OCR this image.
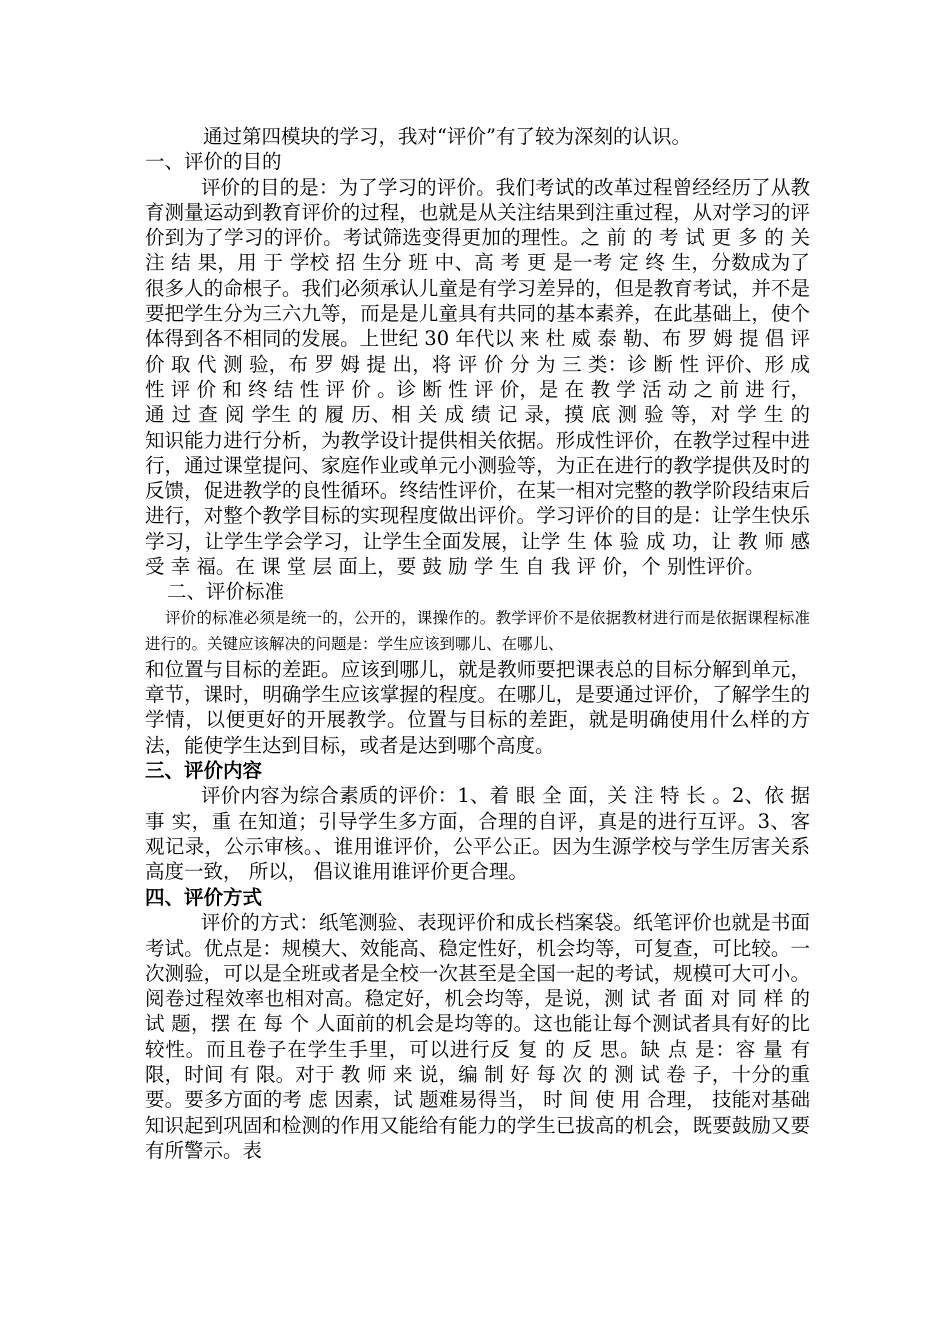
通过第四模块的学习，我对“评价”有了较为深刻的认识。

一、评价的目的

评价的目的是：为了学习的评价。我们考试的改革过程曾经经历了从教育测量运动到教育评价的过程，也就是从关注结果到注重过程，从对学习的评价到为了学习的评价。考试筛选变得更加的理性。之 前 的 考 试 更 多 的 关 注 结 果，用 于 学校 招 生分 班 中、高 考 更 是一考 定 终 生，分数成为了很多人的命根子。我们必须承认儿童是有学习差异的，但是教育考试，并不是要把学生分为三六九等，而是是儿童具有共同的基本素养，在此基础上，使个体得到各不相同的发展。上世纪 30 年代以 来 杜 威 泰 勒、布 罗 姆 提 倡 评 价 取 代 测 验，布 罗 姆 提 出，将 评 价 分 为 三 类：诊 断 性 评价、形 成 性 评 价 和 终 结 性 评 价 。诊 断 性 评 价，是 在 教 学 活 动 之 前 进 行，通 过 查 阅 学生 的 履 历、相 关 成 绩 记 录，摸 底 测 验 等，对 学 生 的 知识能力进行分析，为教学设计提供相关依据。形成性评价，在教学过程中进行，通过课堂提问、家庭作业或单元小测验等，为正在进行的教学提供及时的反馈，促进教学的良性循环。终结性评价，在某一相对完整的教学阶段结束后进行，对整个教学目标的实现程度做出评价。学习评价的目的是：让学生快乐学习，让学生学会学习，让学生全面发展，让学 生 体 验 成 功，让 教 师 感 受 幸 福。在 课 堂 层 面上，要 鼓 励 学 生 自 我 评 价，个 别性评价。

二、评价标准

评价的标准必须是统一的，公开的，课操作的。教学评价不是依据教材进行而是依据课程标准进行的。关键应该解决的问题是：学生应该到哪儿、在哪儿、

和位置与目标的差距。应该到哪儿，就是教师要把课表总的目标分解到单元，章节，课时，明确学生应该掌握的程度。在哪儿，是要通过评价，了解学生的学情，以便更好的开展教学。位置与目标的差距，就是明确使用什么样的方法，能使学生达到目标，或者是达到哪个高度。

三、评价内容

评价内容为综合素质的评价：1、着 眼 全 面，关 注 特 长 。2、依 据 事 实，重 在知道；引导学生多方面，合理的自评，真是的进行互评。3、客观记录，公示审核。、谁用谁评价，公平公正。因为生源学校与学生厉害关系高度一致， 所以， 倡议谁用谁评价更合理。

四、评价方式

评价的方式：纸笔测验、表现评价和成长档案袋。纸笔评价也就是书面考试。优点是：规模大、效能高、稳定性好，机会均等，可复查，可比较。一次测验，可以是全班或者是全校一次甚至是全国一起的考试，规模可大可小。阅卷过程效率也相对高。稳定好，机会均等，是说，测 试 者 面 对 同 样 的 试 题，摆 在 每 个 人面前的机会是均等的。这也能让每个测试者具有好的比较性。而且卷子在学生手里，可以进行反 复 的 反 思。缺 点 是：容 量 有 限，时间 有 限。对于 教 师 来 说，编 制 好 每 次 的 测 试 卷 子，十分的重要。要多方面的考 虑 因素，试 题难易得当， 时 间 使 用 合理， 技能对基础知识起到巩固和检测的作用又能给有能力的学生已拔高的机会，既要鼓励又要有所警示。表
